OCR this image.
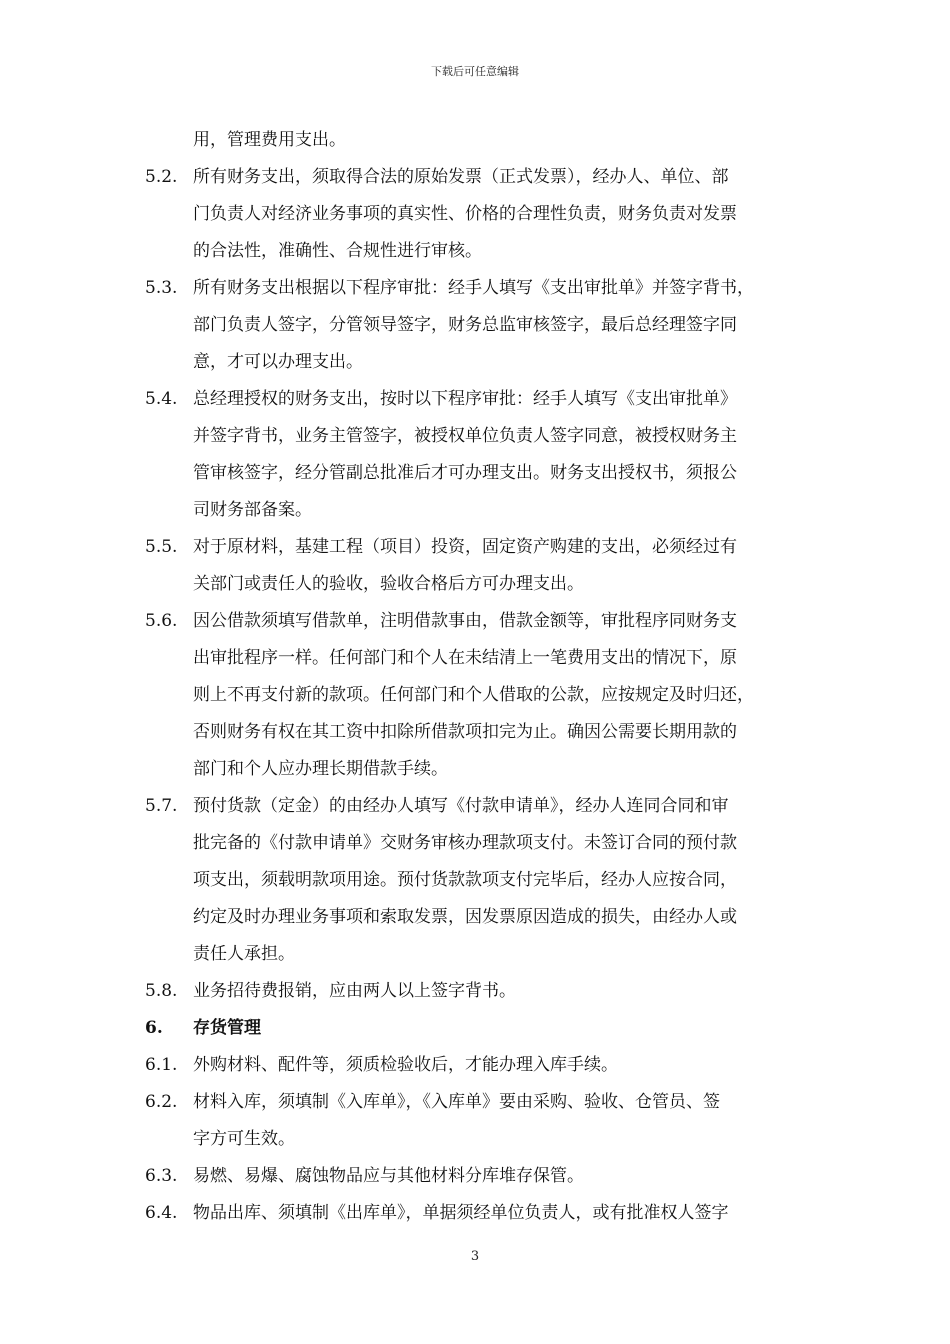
下载后可任意编辑
用，管理费用支出。
5.2. 所有财务支出，须取得合法的原始发票（正式发票），经办人、单位、部
门负责人对经济业务事项的真实性、价格的合理性负责，财务负责对发票
的合法性，准确性、合规性进行审核。
5.3. 所有财务支出根据以下程序审批：经手人填写《支出审批单》并签字背书，
部门负责人签字，分管领导签字，财务总监审核签字，最后总经理签字同
意，才可以办理支出。
5.4. 总经理授权的财务支出，按时以下程序审批：经手人填写《支出审批单》
并签字背书，业务主管签字，被授权单位负责人签字同意，被授权财务主
管审核签字，经分管副总批准后才可办理支出。财务支出授权书，须报公
司财务部备案。
5.5. 对于原材料，基建工程（项目）投资，固定资产购建的支出，必须经过有
关部门或责任人的验收，验收合格后方可办理支出。
5.6. 因公借款须填写借款单，注明借款事由，借款金额等，审批程序同财务支
出审批程序一样。任何部门和个人在未结清上一笔费用支出的情况下，原
则上不再支付新的款项。任何部门和个人借取的公款，应按规定及时归还，
否则财务有权在其工资中扣除所借款项扣完为止。确因公需要长期用款的
部门和个人应办理长期借款手续。
5.7. 预付货款（定金）的由经办人填写《付款申请单》，经办人连同合同和审
批完备的《付款申请单》交财务审核办理款项支付。未签订合同的预付款
项支出，须载明款项用途。预付货款款项支付完毕后，经办人应按合同，
约定及时办理业务事项和索取发票，因发票原因造成的损失，由经办人或
责任人承担。
5.8. 业务招待费报销，应由两人以上签字背书。
6.	存货管理
6.1. 外购材料、配件等，须质检验收后，才能办理入库手续。
6.2. 材料入库，须填制《入库单》，《入库单》要由采购、验收、仓管员、签
字方可生效。
6.3. 易燃、易爆、腐蚀物品应与其他材料分库堆存保管。
6.4. 物品出库、须填制《出库单》，单据须经单位负责人，或有批准权人签字
3
